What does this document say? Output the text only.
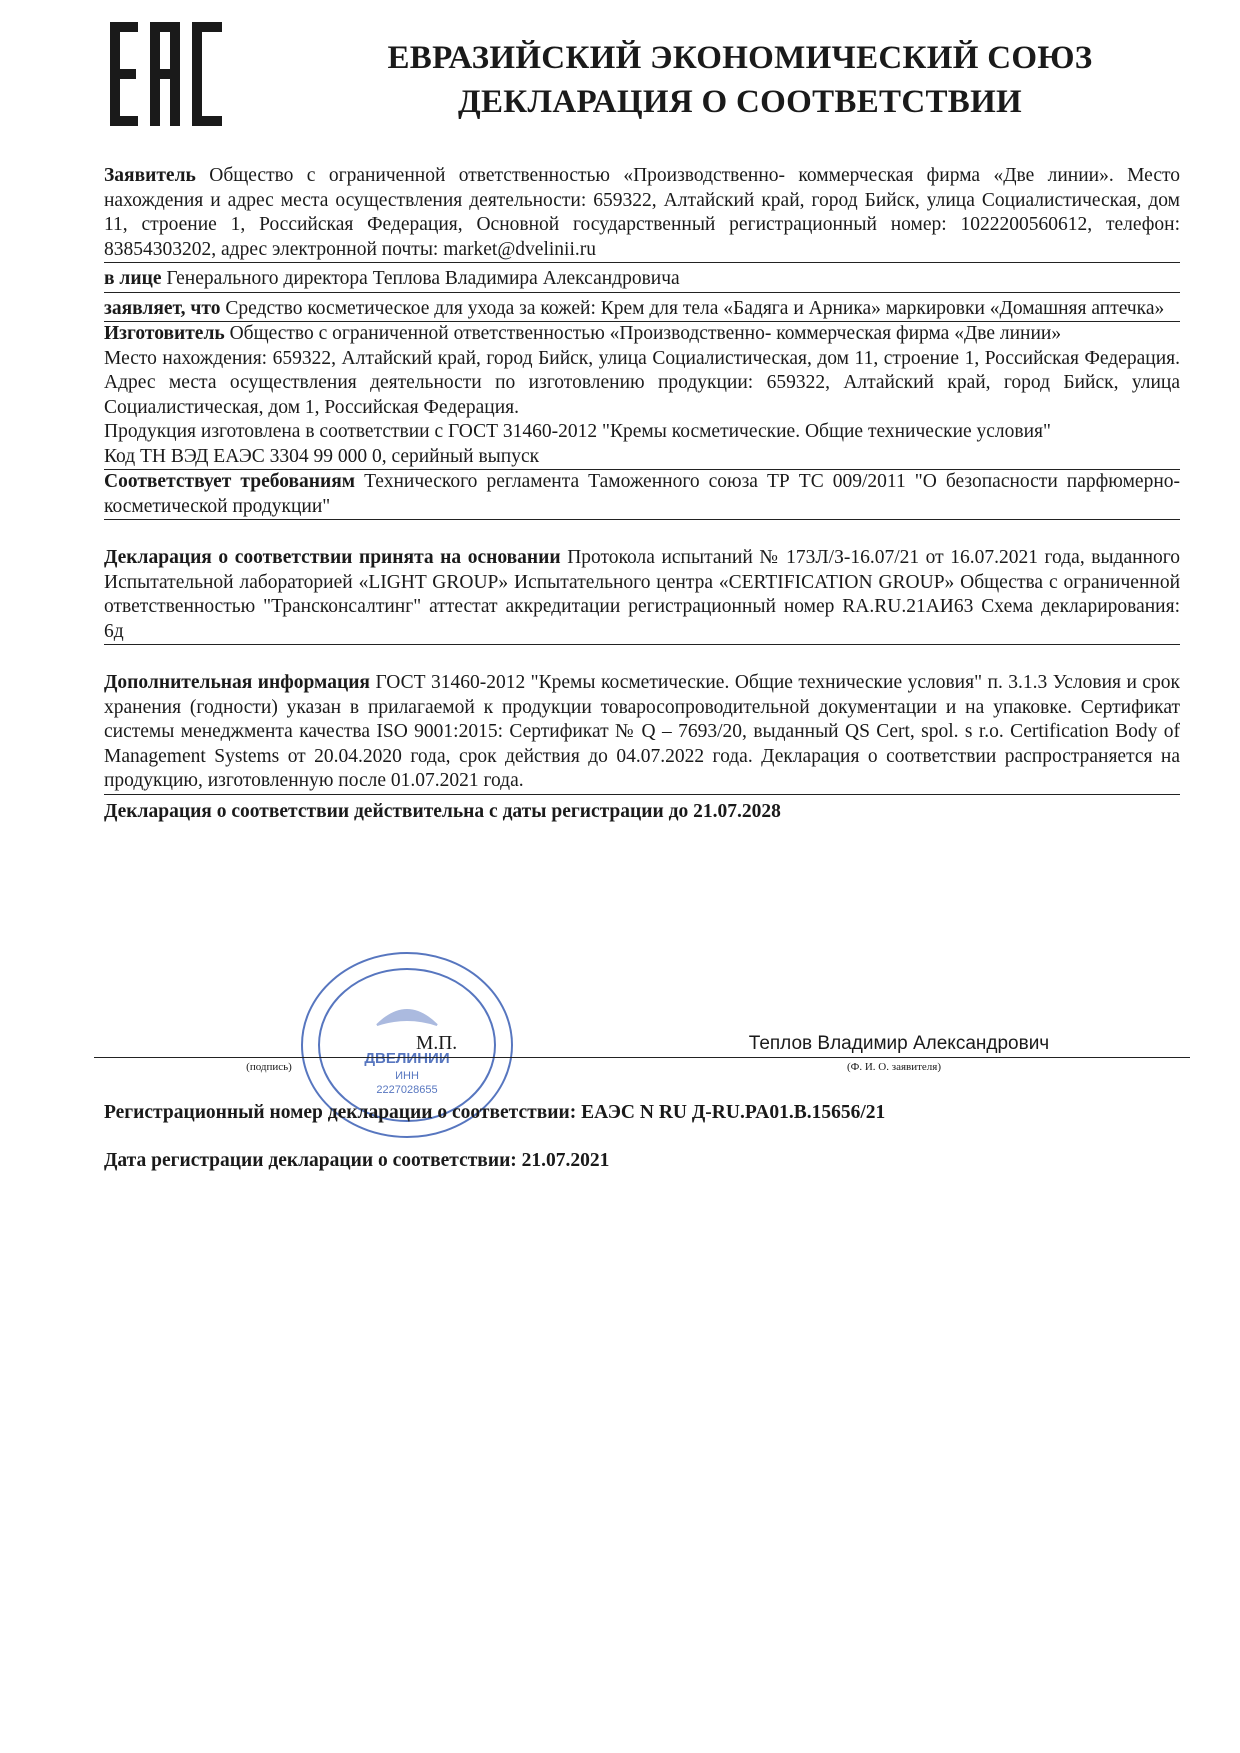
ЕВРАЗИЙСКИЙ ЭКОНОМИЧЕСКИЙ СОЮЗ
ДЕКЛАРАЦИЯ О СООТВЕТСТВИИ
Заявитель Общество с ограниченной ответственностью «Производственно- коммерческая фирма «Две линии». Место нахождения и адрес места осуществления деятельности: 659322, Алтайский край, город Бийск, улица Социалистическая, дом 11, строение 1, Российская Федерация, Основной государственный регистрационный номер: 1022200560612, телефон: 83854303202, адрес электронной почты: market@dvelinii.ru
в лице Генерального директора Теплова Владимира Александровича
заявляет, что Средство косметическое для ухода за кожей: Крем для тела «Бадяга и Арника» маркировки «Домашняя аптечка»
Изготовитель Общество с ограниченной ответственностью «Производственно- коммерческая фирма «Две линии»
Место нахождения: 659322, Алтайский край, город Бийск, улица Социалистическая, дом 11, строение 1, Российская Федерация. Адрес места осуществления деятельности по изготовлению продукции: 659322, Алтайский край, город Бийск, улица Социалистическая, дом 1, Российская Федерация.
Продукция изготовлена в соответствии с ГОСТ 31460-2012 "Кремы косметические. Общие технические условия"
Код ТН ВЭД ЕАЭС 3304 99 000 0, серийный выпуск
Соответствует требованиям Технического регламента Таможенного союза ТР ТС 009/2011 "О безопасности парфюмерно-косметической продукции"
Декларация о соответствии принята на основании Протокола испытаний № 173Л/З-16.07/21 от 16.07.2021 года, выданного Испытательной лабораторией «LIGHT GROUP» Испытательного центра «CERTIFICATION GROUP» Общества с ограниченной ответственностью "Трансконсалтинг" аттестат аккредитации регистрационный номер RA.RU.21АИ63 Схема декларирования: 6д
Дополнительная информация ГОСТ 31460-2012 "Кремы косметические. Общие технические условия" п. 3.1.3 Условия и срок хранения (годности) указан в прилагаемой к продукции товаросопроводительной документации и на упаковке. Сертификат системы менеджмента качества ISO 9001:2015: Сертификат № Q – 7693/20, выданный QS Cert, spol. s r.o. Certification Body of Management Systems от 20.04.2020 года, срок действия до 04.07.2022 года. Декларация о соответствии распространяется на продукцию, изготовленную после 01.07.2021 года.
Декларация о соответствии действительна с даты регистрации до 21.07.2028
ДВЕЛИНИИ
ИНН
2227028655
М.П.	Теплов Владимир Александрович
(подпись)	(Ф. И. О. заявителя)
Регистрационный номер декларации о соответствии: ЕАЭС N RU Д-RU.PA01.B.15656/21
Дата регистрации декларации о соответствии: 21.07.2021
